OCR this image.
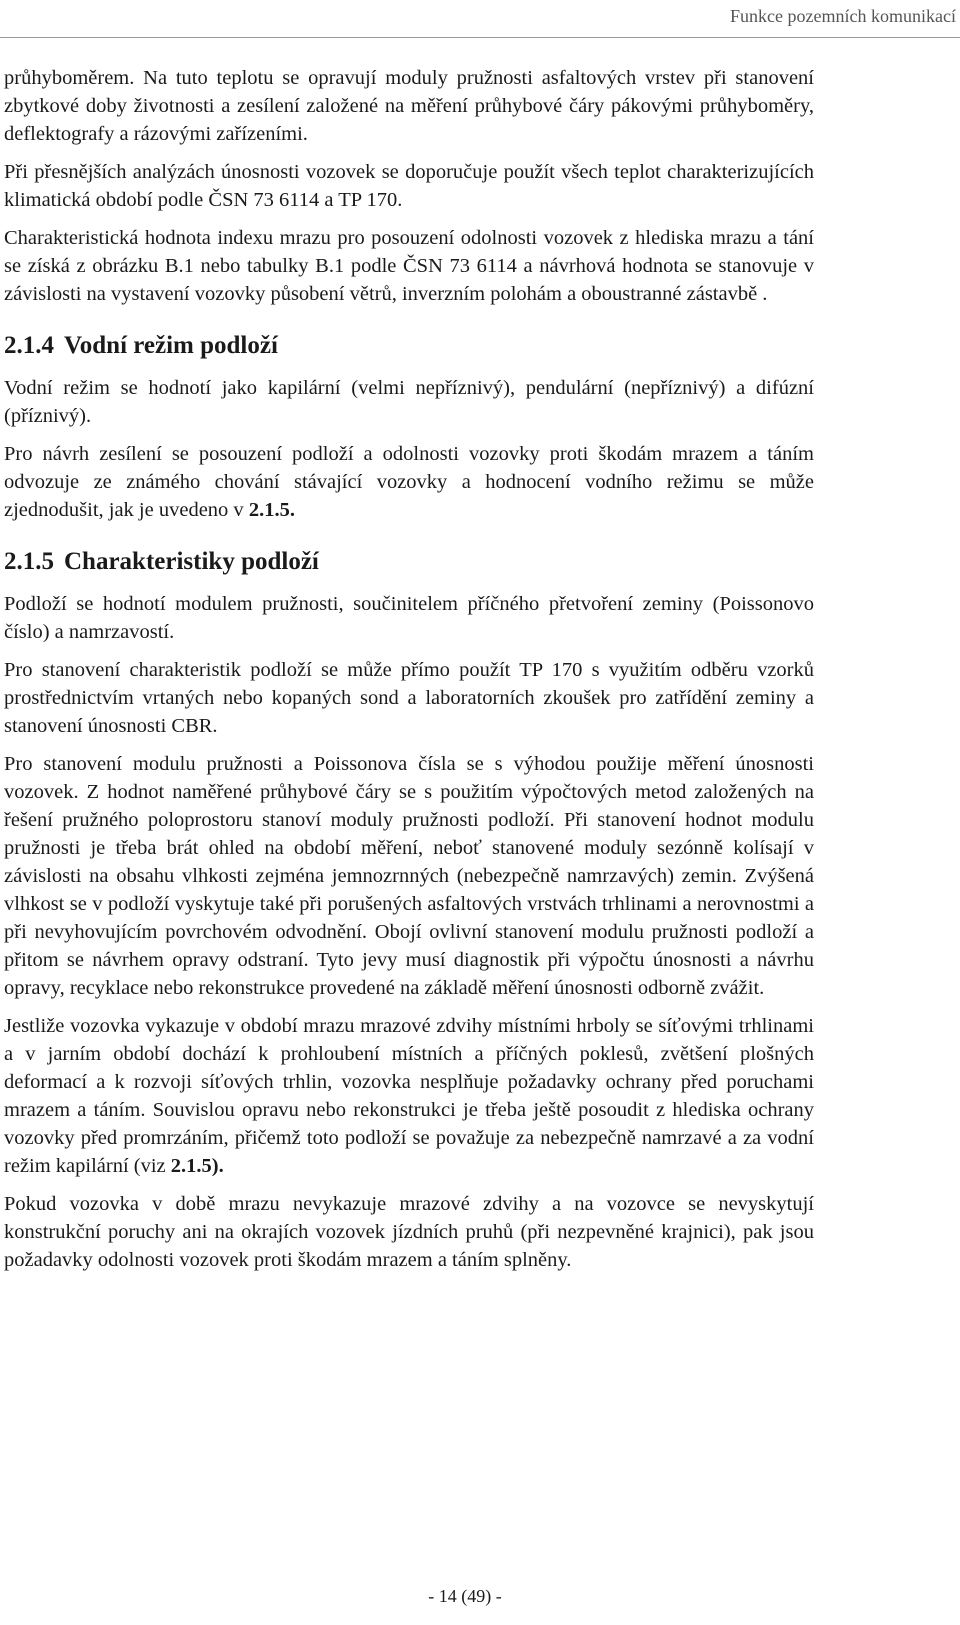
Funkce pozemních komunikací

průhyboměrem. Na tuto teplotu se opravují moduly pružnosti asfaltových vrstev při stanovení zbytkové doby životnosti a zesílení založené na měření průhybové čáry pákovými průhyboměry, deflektografy a rázovými zařízeními.

Při přesnějších analýzách únosnosti vozovek se doporučuje použít všech teplot charakterizujících klimatická období podle ČSN 73 6114 a TP 170.

Charakteristická hodnota indexu mrazu pro posouzení odolnosti vozovek z hlediska mrazu a tání se získá z obrázku B.1 nebo tabulky B.1 podle ČSN 73 6114 a návrhová hodnota se stanovuje v závislosti na vystavení vozovky působení větrů, inverzním polohám a oboustranné zástavbě .

2.1.4 Vodní režim podloží

Vodní režim se hodnotí jako kapilární (velmi nepříznivý), pendulární (nepříznivý) a difúzní (příznivý).

Pro návrh zesílení se posouzení podloží a odolnosti vozovky proti škodám mrazem a táním odvozuje ze známého chování stávající vozovky a hodnocení vodního režimu se může zjednodušit, jak je uvedeno v 2.1.5.

2.1.5 Charakteristiky podloží

Podloží se hodnotí modulem pružnosti, součinitelem příčného přetvoření zeminy (Poissonovo číslo) a namrzavostí.

Pro stanovení charakteristik podloží se může přímo použít TP 170 s využitím odběru vzorků prostřednictvím vrtaných nebo kopaných sond a laboratorních zkoušek pro zatřídění zeminy a stanovení únosnosti CBR.

Pro stanovení modulu pružnosti a Poissonova čísla se s výhodou použije měření únosnosti vozovek. Z hodnot naměřené průhybové čáry se s použitím výpočtových metod založených na řešení pružného poloprostoru stanoví moduly pružnosti podloží. Při stanovení hodnot modulu pružnosti je třeba brát ohled na období měření, neboť stanovené moduly sezónně kolísají v závislosti na obsahu vlhkosti zejména jemnozrnných (nebezpečně namrzavých) zemin. Zvýšená vlhkost se v podloží vyskytuje také při porušených asfaltových vrstvách trhlinami a nerovnostmi a při nevyhovujícím povrchovém odvodnění. Obojí ovlivní stanovení modulu pružnosti podloží a přitom se návrhem opravy odstraní. Tyto jevy musí diagnostik při výpočtu únosnosti a návrhu opravy, recyklace nebo rekonstrukce provedené na základě měření únosnosti odborně zvážit.

Jestliže vozovka vykazuje v období mrazu mrazové zdvihy místními hrboly se síťovými trhlinami a v jarním období dochází k prohloubení místních a příčných poklesů, zvětšení plošných deformací a k rozvoji síťových trhlin, vozovka nesplňuje požadavky ochrany před poruchami mrazem a táním. Souvislou opravu nebo rekonstrukci je třeba ještě posoudit z hlediska ochrany vozovky před promrzáním, přičemž toto podloží se považuje za nebezpečně namrzavé a za vodní režim kapilární (viz 2.1.5).

Pokud vozovka v době mrazu nevykazuje mrazové zdvihy a na vozovce se nevyskytují konstrukční poruchy ani na okrajích vozovek jízdních pruhů (při nezpevněné krajnici), pak jsou požadavky odolnosti vozovek proti škodám mrazem a táním splněny.

- 14 (49) -
